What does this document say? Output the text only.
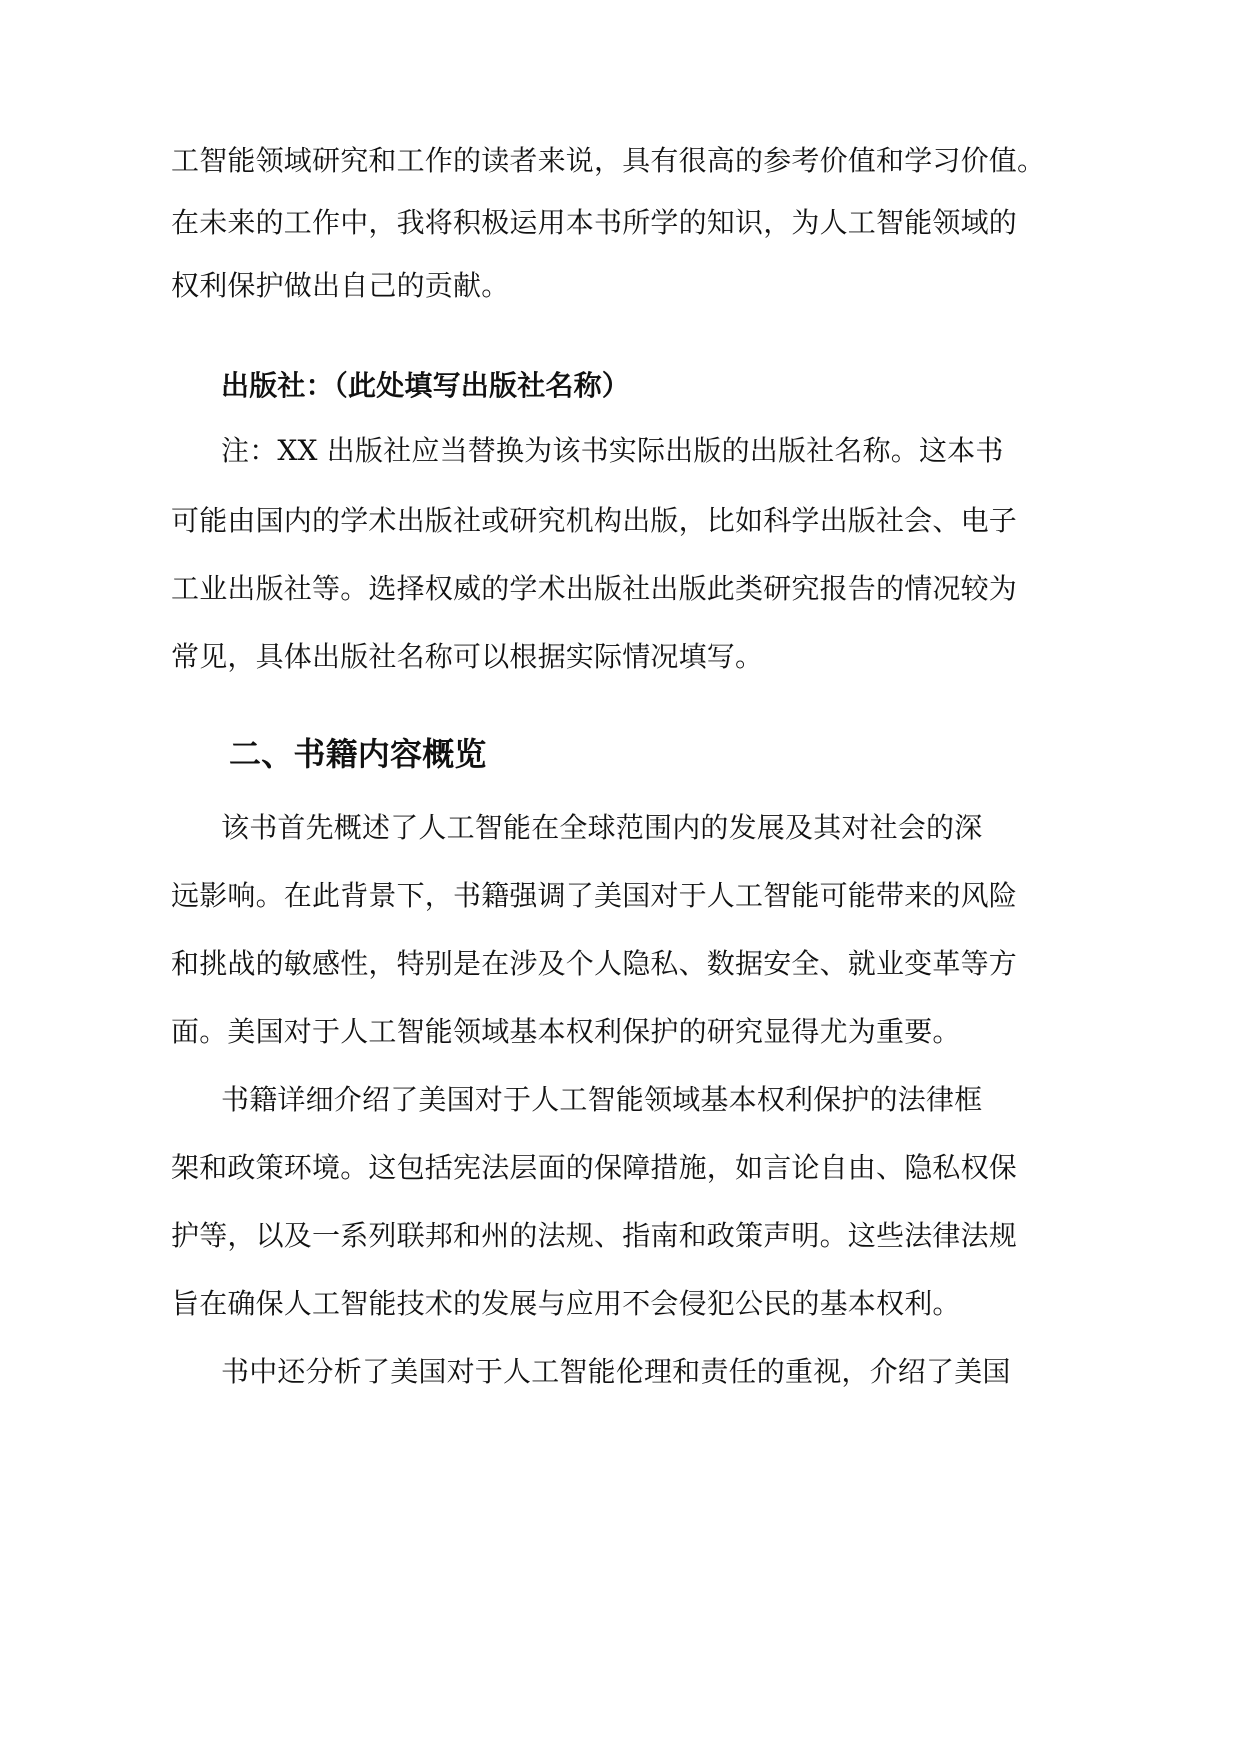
工智能领域研究和工作的读者来说，具有很高的参考价值和学习价值。
在未来的工作中，我将积极运用本书所学的知识，为人工智能领域的
权利保护做出自己的贡献。
出版社：（此处填写出版社名称）
注：XX 出版社应当替换为该书实际出版的出版社名称。这本书
可能由国内的学术出版社或研究机构出版，比如科学出版社会、电子
工业出版社等。选择权威的学术出版社出版此类研究报告的情况较为
常见，具体出版社名称可以根据实际情况填写。
二、书籍内容概览
该书首先概述了人工智能在全球范围内的发展及其对社会的深
远影响。在此背景下，书籍强调了美国对于人工智能可能带来的风险
和挑战的敏感性，特别是在涉及个人隐私、数据安全、就业变革等方
面。美国对于人工智能领域基本权利保护的研究显得尤为重要。
书籍详细介绍了美国对于人工智能领域基本权利保护的法律框
架和政策环境。这包括宪法层面的保障措施，如言论自由、隐私权保
护等，以及一系列联邦和州的法规、指南和政策声明。这些法律法规
旨在确保人工智能技术的发展与应用不会侵犯公民的基本权利。
书中还分析了美国对于人工智能伦理和责任的重视，介绍了美国
